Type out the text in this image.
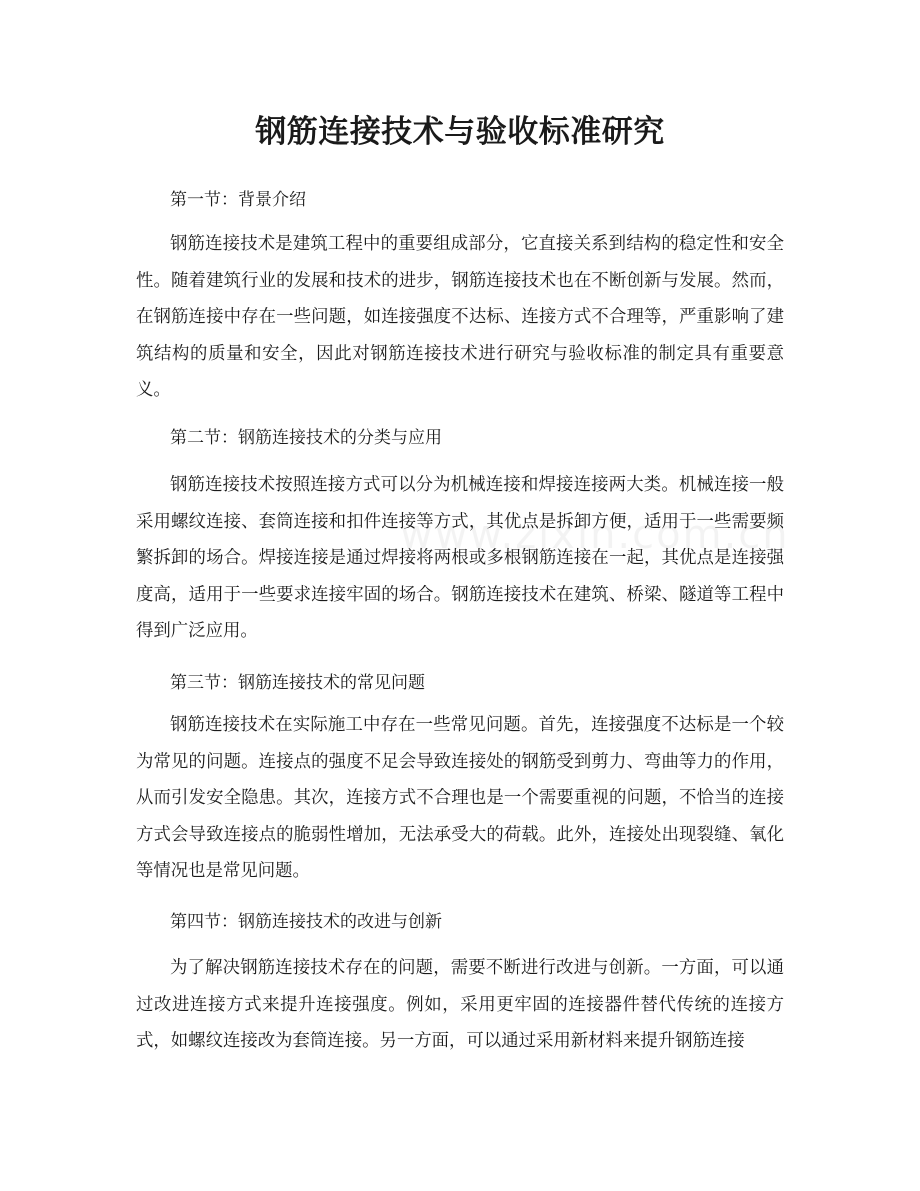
钢筋连接技术与验收标准研究
第一节：背景介绍

钢筋连接技术是建筑工程中的重要组成部分，它直接关系到结构的稳定性和安全性。随着建筑行业的发展和技术的进步，钢筋连接技术也在不断创新与发展。然而，在钢筋连接中存在一些问题，如连接强度不达标、连接方式不合理等，严重影响了建筑结构的质量和安全，因此对钢筋连接技术进行研究与验收标准的制定具有重要意义。

第二节：钢筋连接技术的分类与应用

钢筋连接技术按照连接方式可以分为机械连接和焊接连接两大类。机械连接一般采用螺纹连接、套筒连接和扣件连接等方式，其优点是拆卸方便，适用于一些需要频繁拆卸的场合。焊接连接是通过焊接将两根或多根钢筋连接在一起，其优点是连接强度高，适用于一些要求连接牢固的场合。钢筋连接技术在建筑、桥梁、隧道等工程中得到广泛应用。

第三节：钢筋连接技术的常见问题

钢筋连接技术在实际施工中存在一些常见问题。首先，连接强度不达标是一个较为常见的问题。连接点的强度不足会导致连接处的钢筋受到剪力、弯曲等力的作用，从而引发安全隐患。其次，连接方式不合理也是一个需要重视的问题，不恰当的连接方式会导致连接点的脆弱性增加，无法承受大的荷载。此外，连接处出现裂缝、氧化等情况也是常见问题。

第四节：钢筋连接技术的改进与创新

为了解决钢筋连接技术存在的问题，需要不断进行改进与创新。一方面，可以通过改进连接方式来提升连接强度。例如，采用更牢固的连接器件替代传统的连接方式，如螺纹连接改为套筒连接。另一方面，可以通过采用新材料来提升钢筋连接
